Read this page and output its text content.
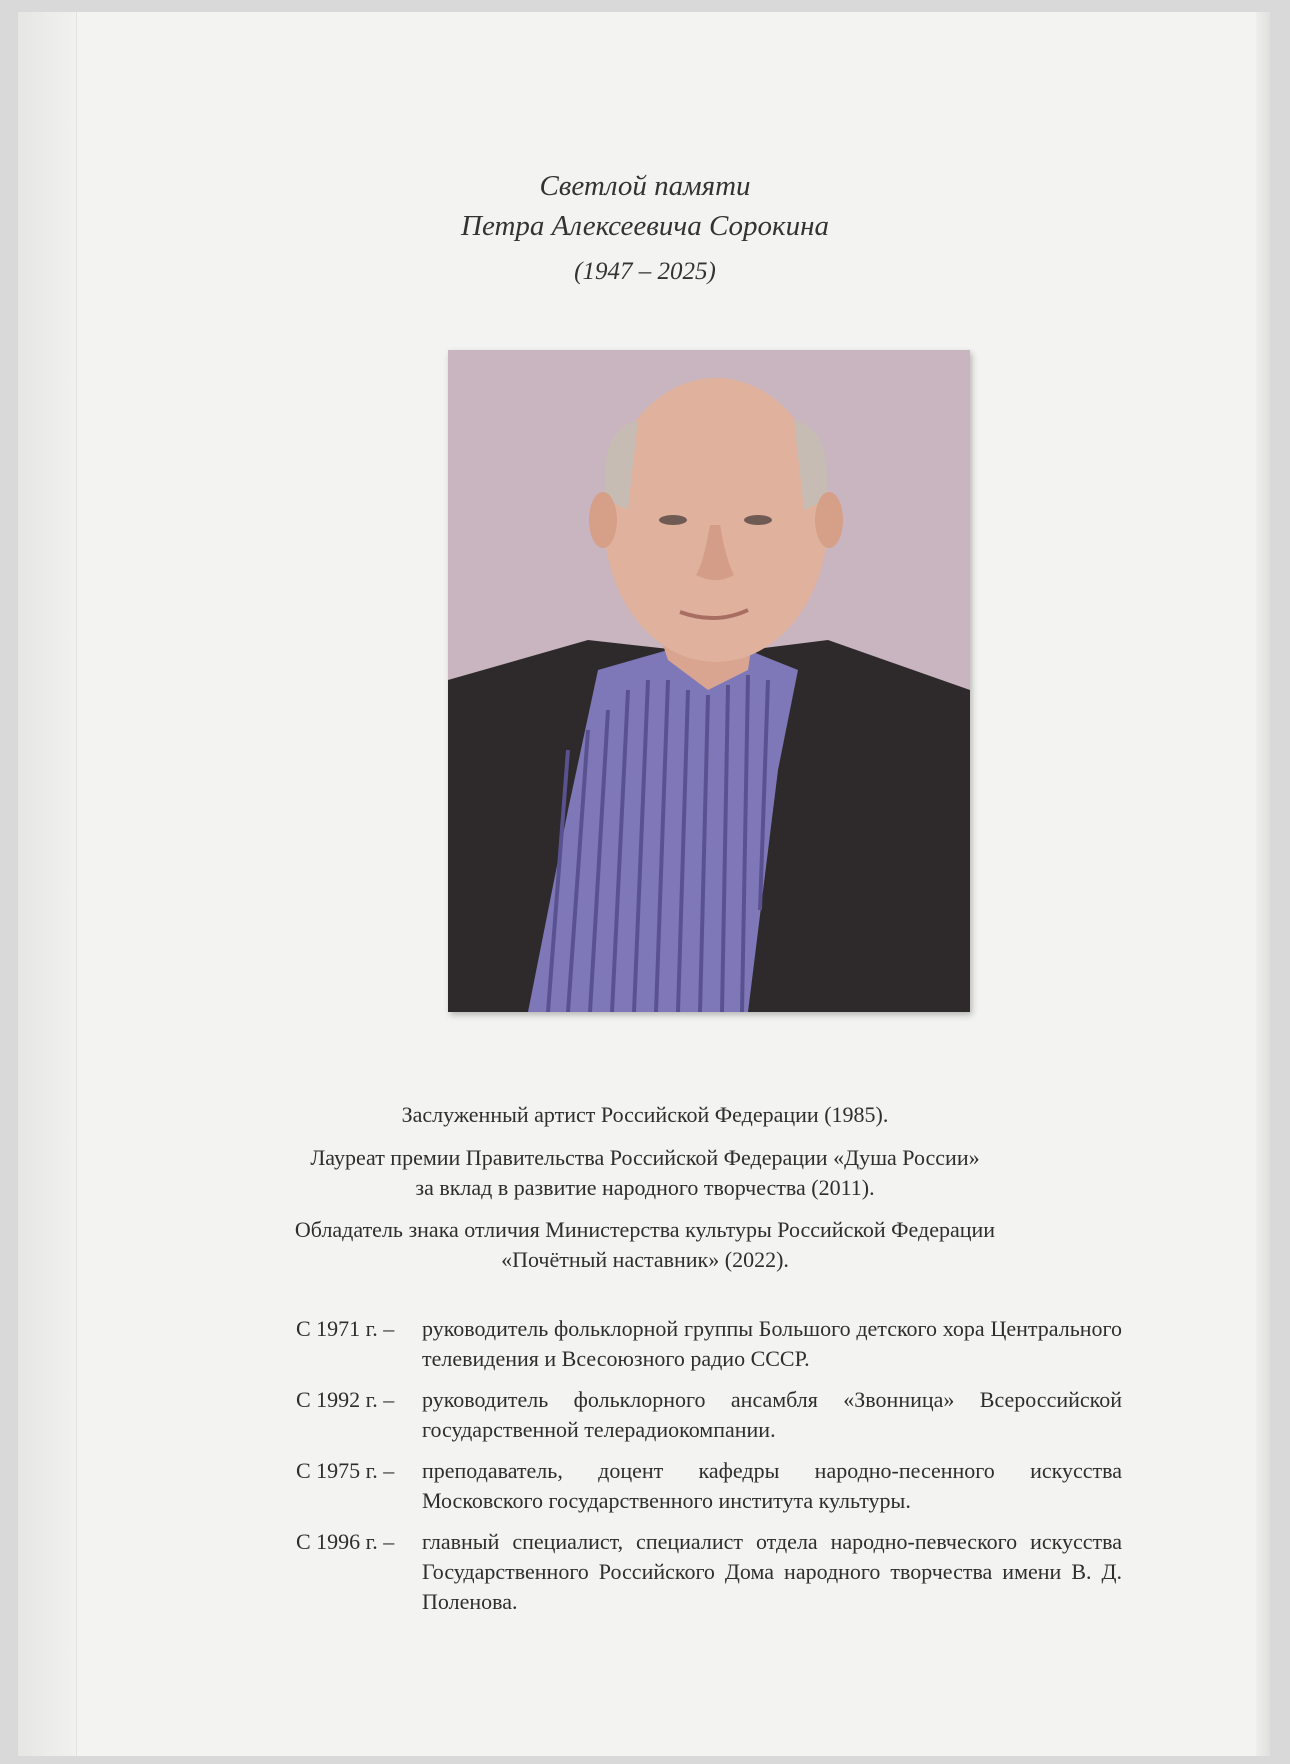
Светлой памяти
Петра Алексеевича Сорокина
(1947 – 2025)
Заслуженный артист Российской Федерации (1985).
Лауреат премии Правительства Российской Федерации «Душа России»
за вклад в развитие народного творчества (2011).
Обладатель знака отличия Министерства культуры Российской Федерации
«Почётный наставник» (2022).
С 1971 г. –	руководитель фольклорной группы Большого детского хора Центрального телевидения и Всесоюзного радио СССР.
С 1992 г. –	руководитель фольклорного ансамбля «Звонница» Всероссийской государственной телерадиокомпании.
С 1975 г. –	преподаватель, доцент кафедры народно-песенного искусства Московского государственного института культуры.
С 1996 г. –	главный специалист, специалист отдела народно-певческого искусства Государственного Российского Дома народного творчества имени В. Д. Поленова.
